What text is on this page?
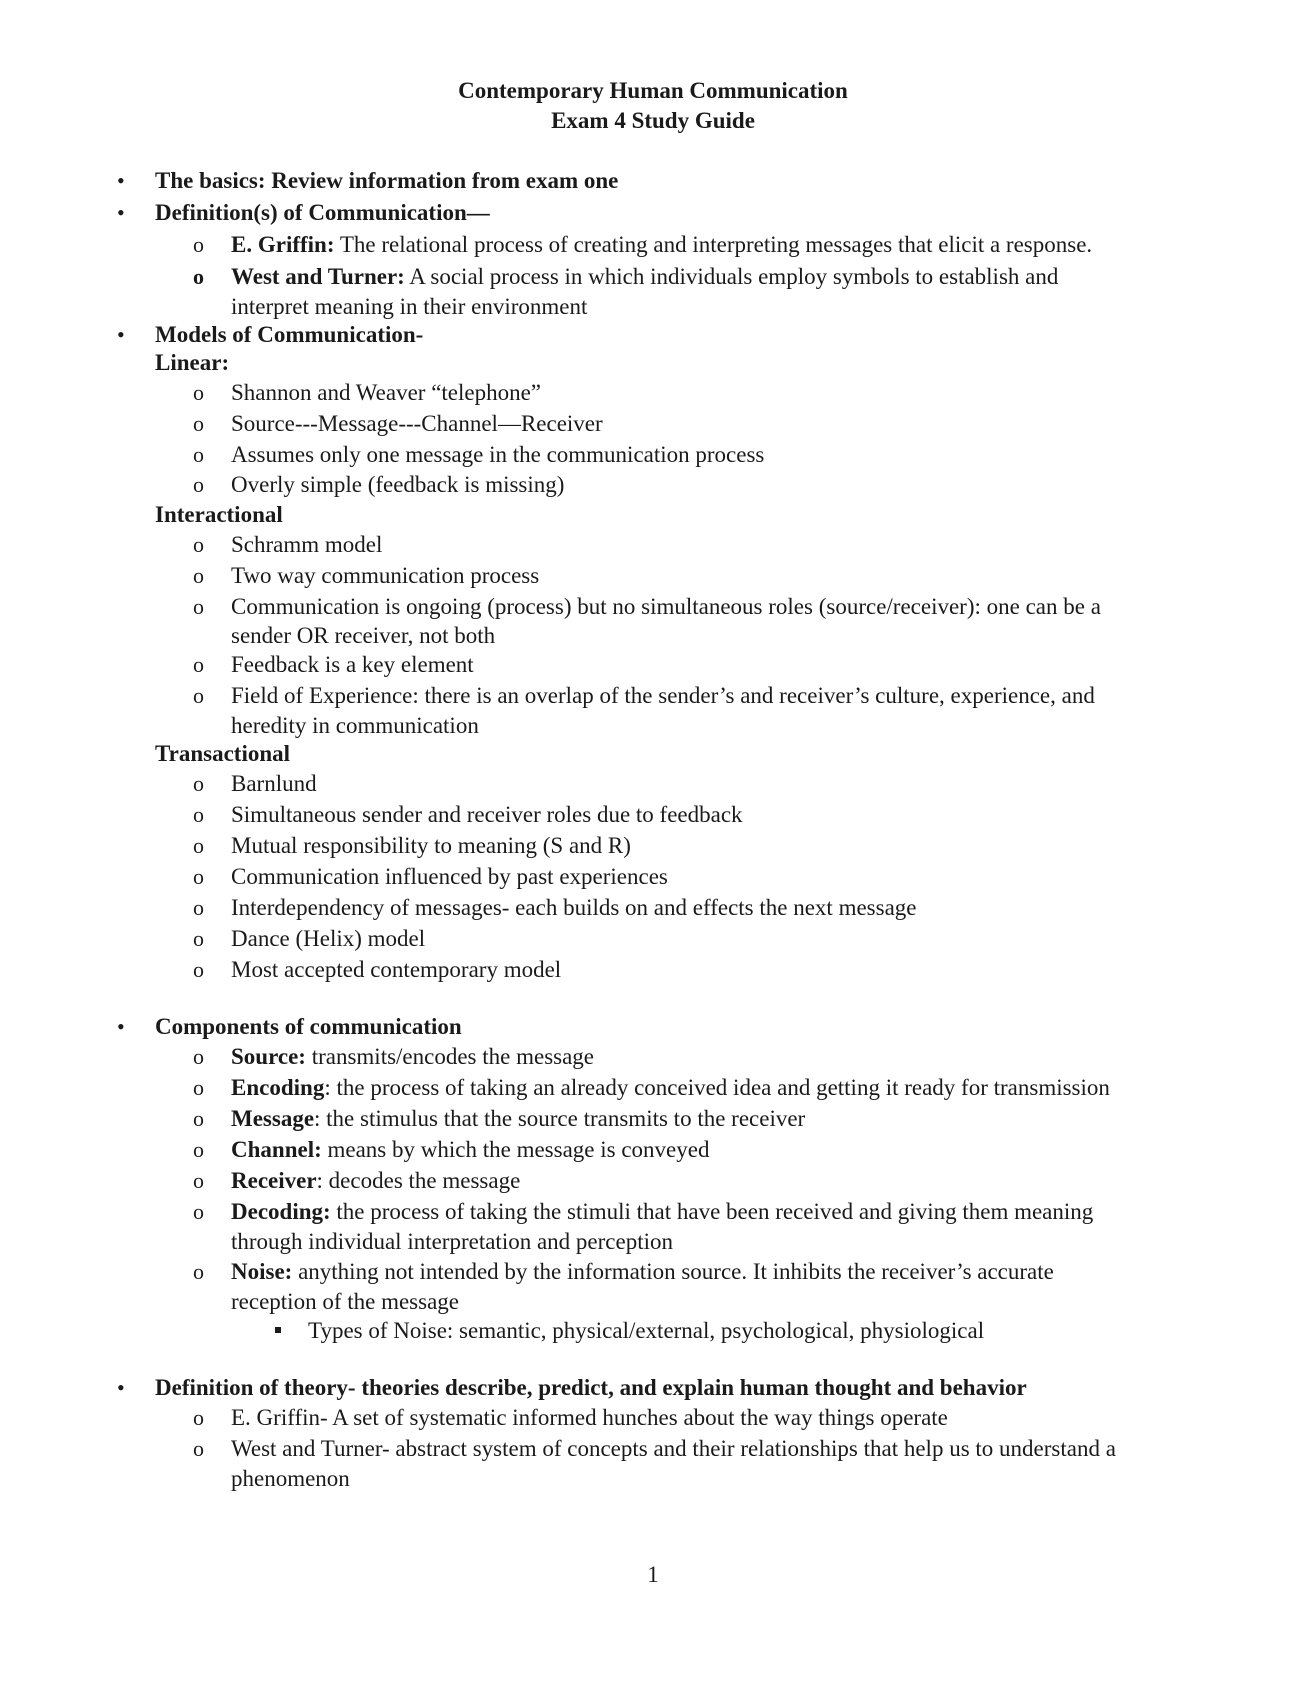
Contemporary Human Communication
Exam 4 Study Guide
• The basics: Review information from exam one
• Definition(s) of Communication—
o E. Griffin: The relational process of creating and interpreting messages that elicit a response.
o West and Turner: A social process in which individuals employ symbols to establish and
interpret meaning in their environment
• Models of Communication-
Linear:
o Shannon and Weaver “telephone”
o Source---Message---Channel—Receiver
o Assumes only one message in the communication process
o Overly simple (feedback is missing)
Interactional
o Schramm model
o Two way communication process
o Communication is ongoing (process) but no simultaneous roles (source/receiver): one can be a
sender OR receiver, not both
o Feedback is a key element
o Field of Experience: there is an overlap of the sender’s and receiver’s culture, experience, and
heredity in communication
Transactional
o Barnlund
o Simultaneous sender and receiver roles due to feedback
o Mutual responsibility to meaning (S and R)
o Communication influenced by past experiences
o Interdependency of messages- each builds on and effects the next message
o Dance (Helix) model
o Most accepted contemporary model
• Components of communication
o Source: transmits/encodes the message
o Encoding: the process of taking an already conceived idea and getting it ready for transmission
o Message: the stimulus that the source transmits to the receiver
o Channel: means by which the message is conveyed
o Receiver: decodes the message
o Decoding: the process of taking the stimuli that have been received and giving them meaning
through individual interpretation and perception
o Noise: anything not intended by the information source. It inhibits the receiver’s accurate
reception of the message
Types of Noise: semantic, physical/external, psychological, physiological
• Definition of theory- theories describe, predict, and explain human thought and behavior
o E. Griffin- A set of systematic informed hunches about the way things operate
o West and Turner- abstract system of concepts and their relationships that help us to understand a
phenomenon
1
